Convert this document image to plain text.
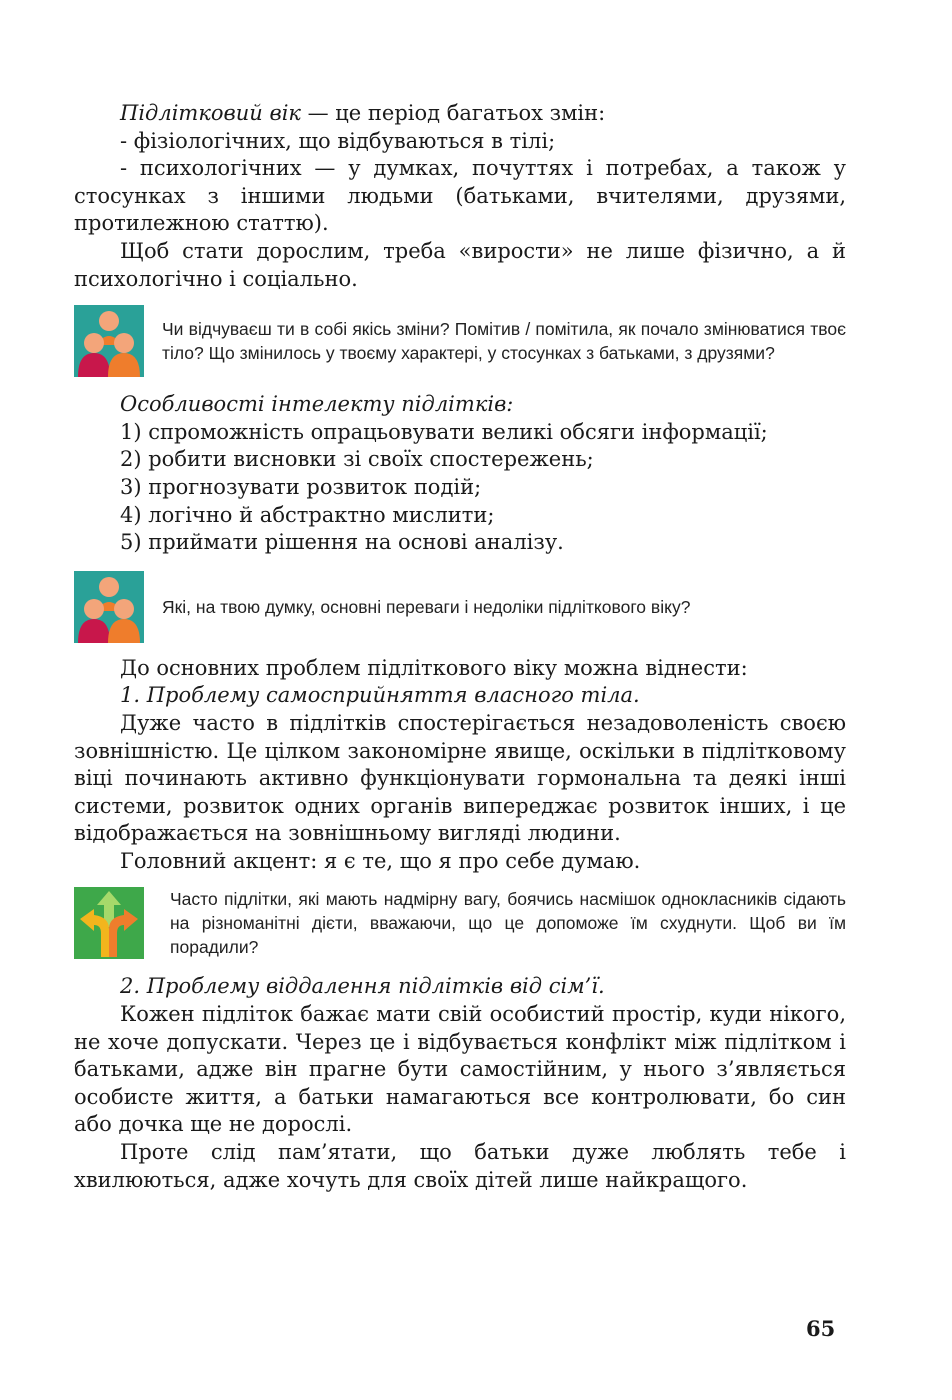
Підлітковий вік — це період багатьох змін:

- фізіологічних, що відбуваються в тілі;

- психологічних — у думках, почуттях і потребах, а також у стосунках з іншими людьми (батьками, вчителями, друзями, протилежною статтю).

Щоб стати дорослим, треба «вирости» не лише фізично, а й психологічно і соціально.

Чи відчуваєш ти в собі якісь зміни? Помітив / помітила, як почало змінюватися твоє тіло? Що змінилось у твоєму характері, у стосунках з батьками, з друзями?

Особливості інтелекту підлітків:

1) спроможність опрацьовувати великі обсяги інформації;

2) робити висновки зі своїх спостережень;

3) прогнозувати розвиток подій;

4) логічно й абстрактно мислити;

5) приймати рішення на основі аналізу.

Які, на твою думку, основні переваги і недоліки підліткового віку?

До основних проблем підліткового віку можна віднести:

1. Проблему самосприйняття власного тіла.

Дуже часто в підлітків спостерігається незадоволеність своєю зовнішністю. Це цілком закономірне явище, оскільки в підлітковому віці починають активно функціонувати гормональна та деякі інші системи, розвиток одних органів випереджає розвиток інших, і це відображається на зовнішньому вигляді людини.

Головний акцент: я є те, що я про себе думаю.

Часто підлітки, які мають надмірну вагу, боячись насмішок однокласників сідають на різноманітні дієти, вважаючи, що це допоможе їм схуднути. Щоб ви їм порадили?

2. Проблему віддалення підлітків від сім’ї.

Кожен підліток бажає мати свій особистий простір, куди нікого, не хоче допускати. Через це і відбувається конфлікт між підлітком і батьками, адже він прагне бути самостійним, у нього з’являється особисте життя, а батьки намагаються все контролювати, бо син або дочка ще не дорослі.

Проте слід пам’ятати, що батьки дуже люблять тебе і хвилюються, адже хочуть для своїх дітей лише найкращого.

65
